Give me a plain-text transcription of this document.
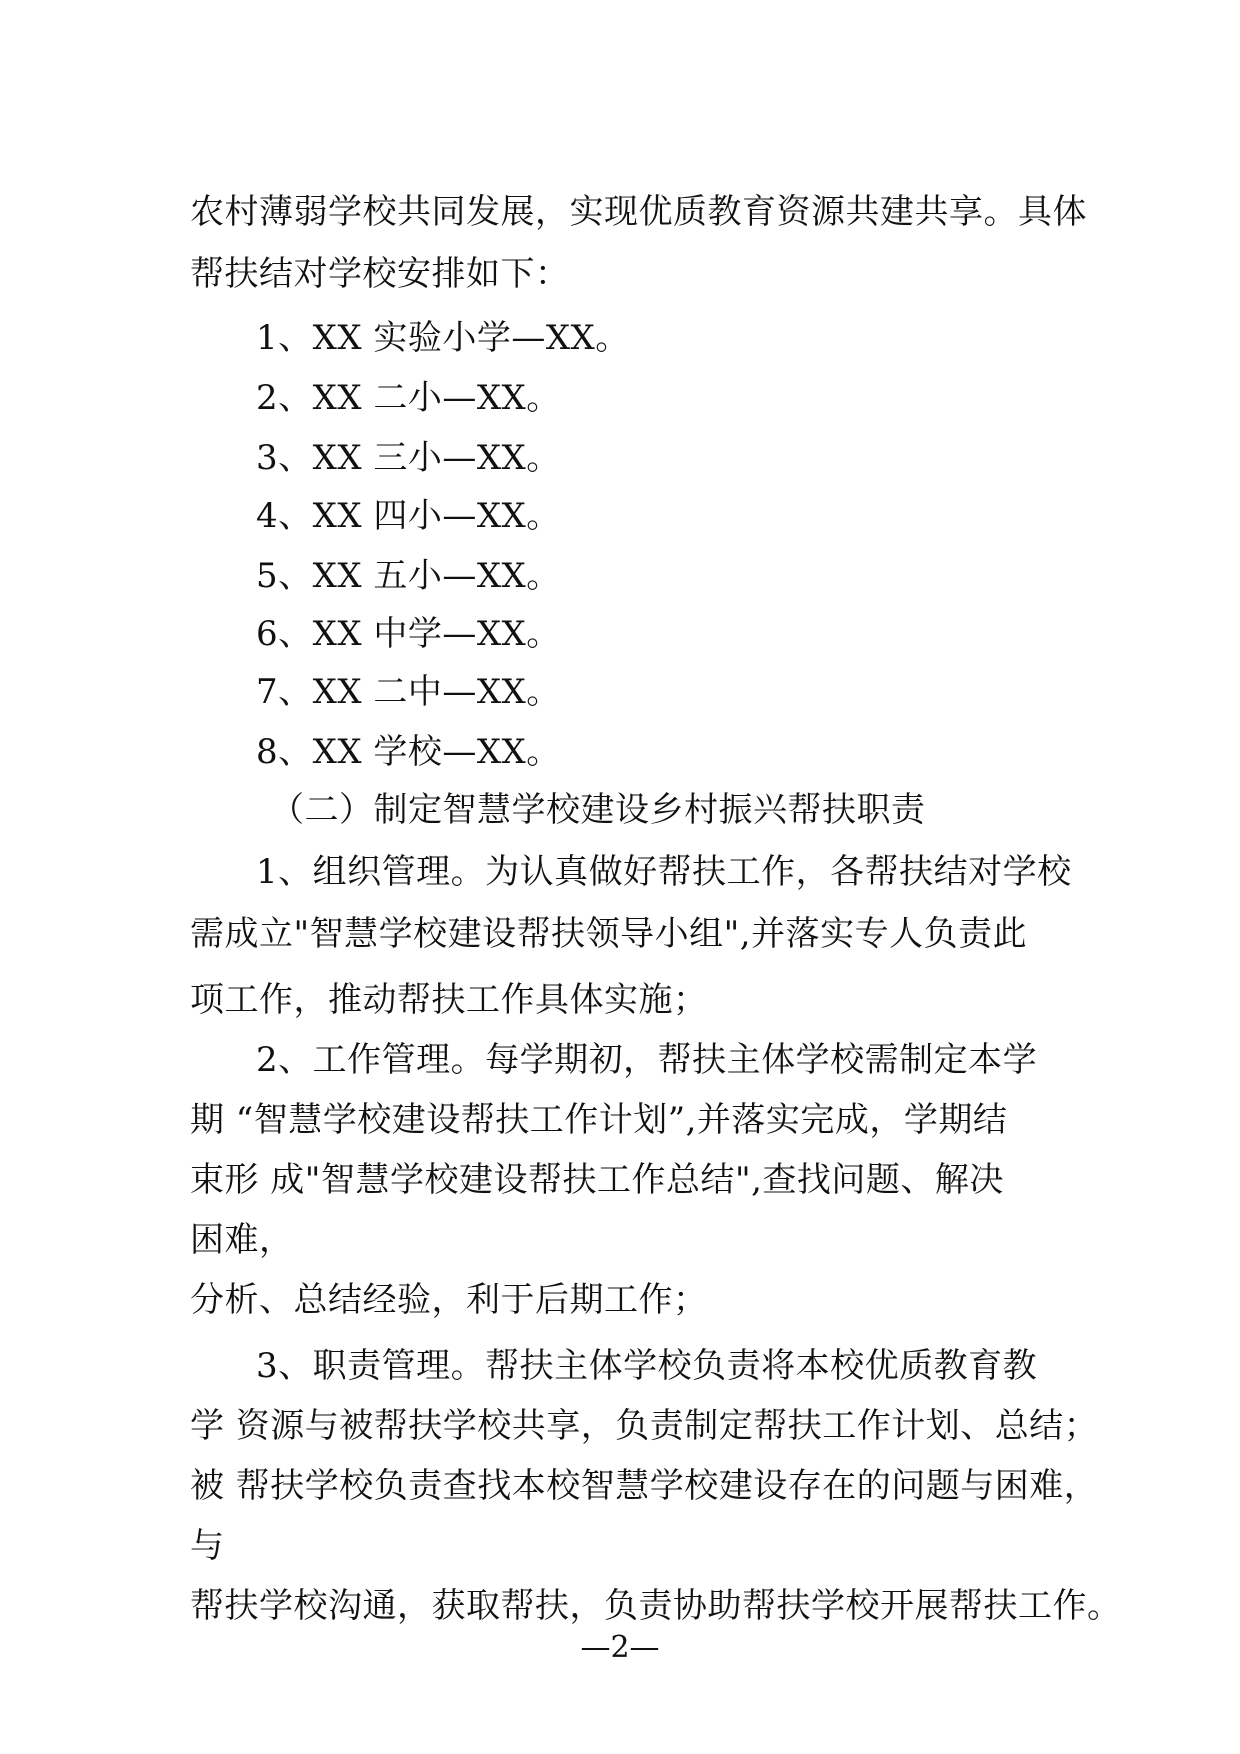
农村薄弱学校共同发展，实现优质教育资源共建共享。具体

帮扶结对学校安排如下：

1、XX 实验小学—XX。

2、XX 二小—XX。

3、XX 三小—XX。

4、XX 四小—XX。

5、XX 五小—XX。

6、XX 中学—XX。

7、XX 二中—XX。

8、XX 学校—XX。

（二）制定智慧学校建设乡村振兴帮扶职责

1、组织管理。为认真做好帮扶工作，各帮扶结对学校

需成立"智慧学校建设帮扶领导小组",并落实专人负责此

项工作，推动帮扶工作具体实施；

2、工作管理。每学期初，帮扶主体学校需制定本学

期 “智慧学校建设帮扶工作计划”,并落实完成，学期结

束形 成"智慧学校建设帮扶工作总结",查找问题、解决

困难，

分析、总结经验，利于后期工作；

3、职责管理。帮扶主体学校负责将本校优质教育教

学 资源与被帮扶学校共享，负责制定帮扶工作计划、总结；

被 帮扶学校负责查找本校智慧学校建设存在的问题与困难，

与

帮扶学校沟通，获取帮扶，负责协助帮扶学校开展帮扶工作。

—2—
